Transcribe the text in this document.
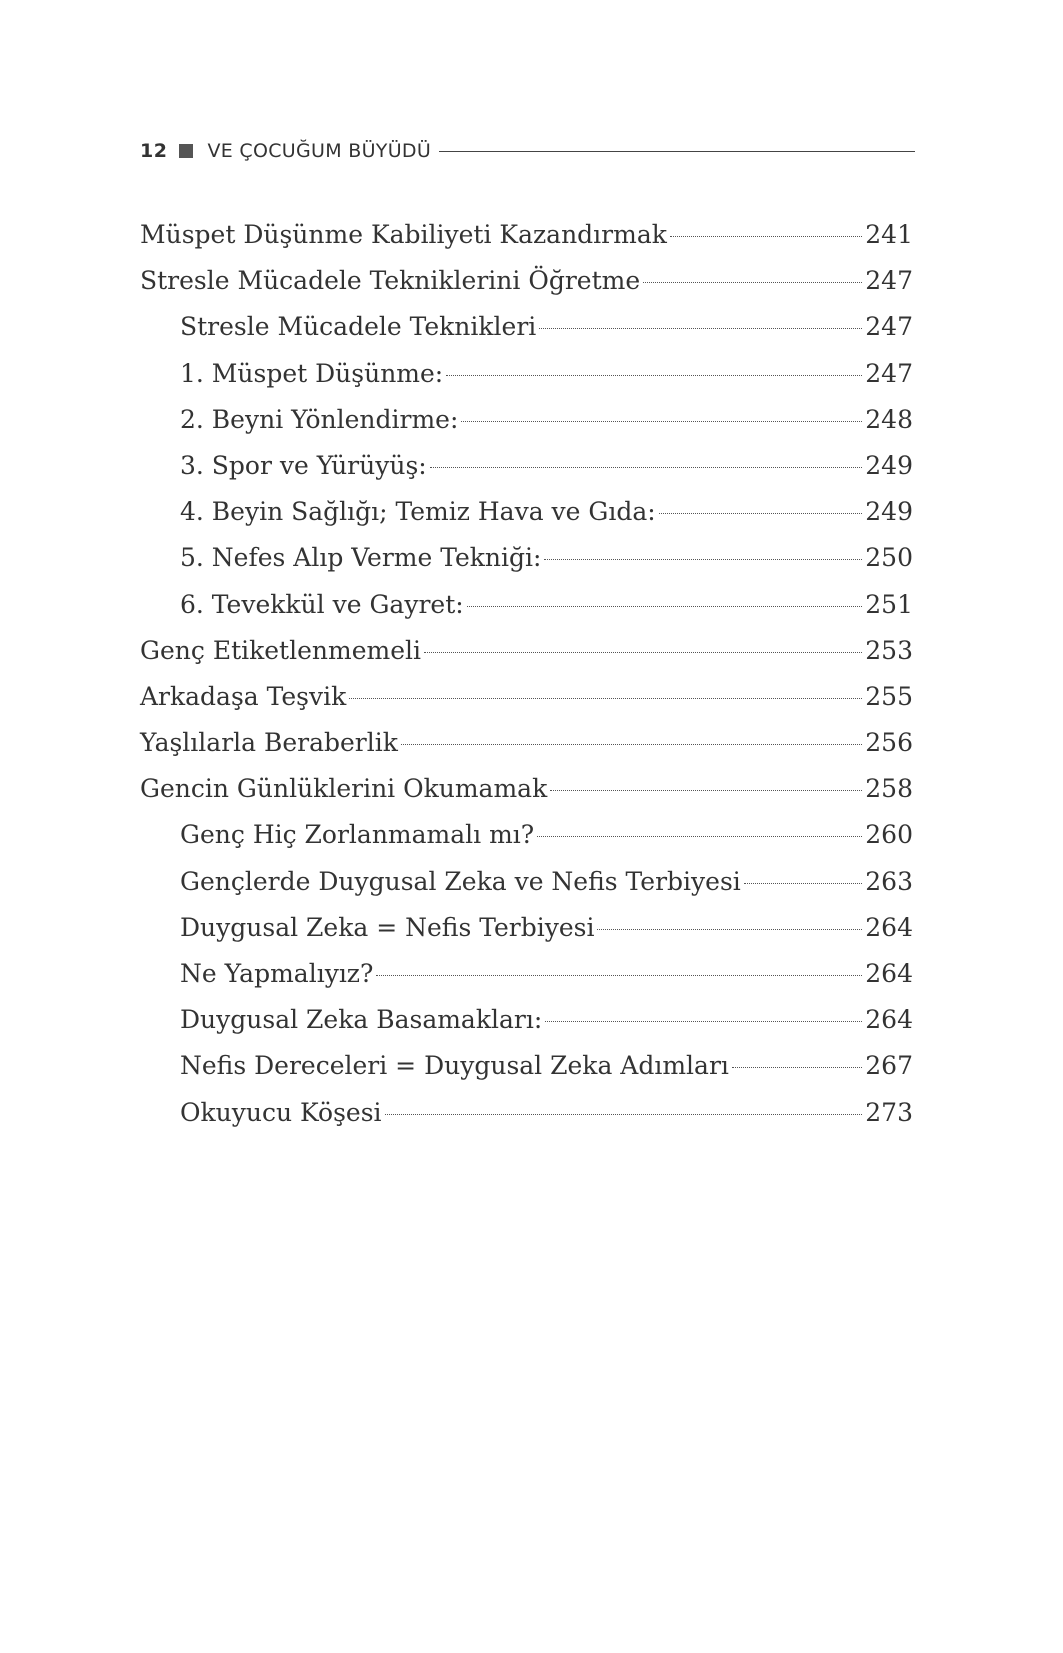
12 VE ÇOCUĞUM BÜYÜDÜ
Müspet Düşünme Kabiliyeti Kazandırmak	241
Stresle Mücadele Tekniklerini Öğretme	247
Stresle Mücadele Teknikleri	247
1. Müspet Düşünme:	247
2. Beyni Yönlendirme:	248
3. Spor ve Yürüyüş:	249
4. Beyin Sağlığı; Temiz Hava ve Gıda:	249
5. Nefes Alıp Verme Tekniği:	250
6. Tevekkül ve Gayret:	251
Genç Etiketlenmemeli	253
Arkadaşa Teşvik	255
Yaşlılarla Beraberlik	256
Gencin Günlüklerini Okumamak	258
Genç Hiç Zorlanmamalı mı?	260
Gençlerde Duygusal Zeka ve Nefis Terbiyesi	263
Duygusal Zeka = Nefis Terbiyesi	264
Ne Yapmalıyız?	264
Duygusal Zeka Basamakları:	264
Nefis Dereceleri = Duygusal Zeka Adımları	267
Okuyucu Köşesi	273
